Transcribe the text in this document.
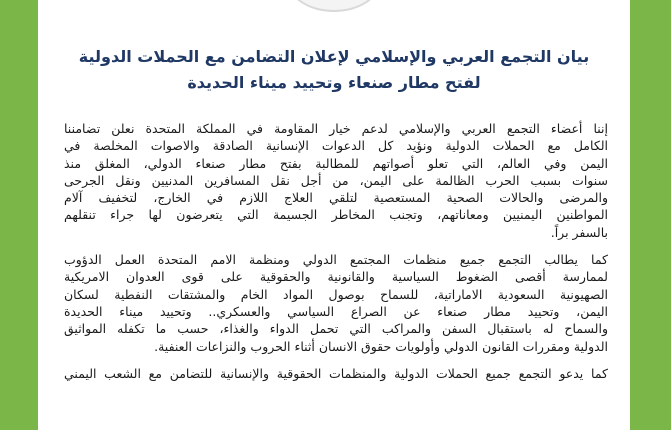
بيان التجمع العربي والإسلامي لإعلان التضامن مع الحملات الدولية
لفتح مطار صنعاء وتحييد ميناء الحديدة
إننا أعضاء التجمع العربي والإسلامي لدعم خيار المقاومة في المملكة المتحدة نعلن تضامننا
الكامل مع الحملات الدولية ونؤيد كل الدعوات الإنسانية الصادقة والاصوات المخلصة في
اليمن وفي العالم، التي تعلو أصواتهم للمطالبة بفتح مطار صنعاء الدولي، المغلق منذ
سنوات بسبب الحرب الظالمة على اليمن، من أجل نقل المسافرين المدنيين ونقل الجرحى
والمرضى والحالات الصحية المستعصية لتلقي العلاج اللازم في الخارج، لتخفيف آلام
المواطنين اليمنيين ومعاناتهم، وتجنب المخاطر الجسيمة التي يتعرضون لها جراء تنقلهم
بالسفر براً.
كما يطالب التجمع جميع منظمات المجتمع الدولي ومنظمة الامم المتحدة العمل الدؤوب
لممارسة أقصى الضغوط السياسية والقانونية والحقوقية على قوى العدوان الامريكية
الصهيونية السعودية الاماراتية، للسماح بوصول المواد الخام والمشتقات النفطية لسكان
اليمن، وتحييد مطار صنعاء عن الصراع السياسي والعسكري.. وتحييد ميناء الحديدة
والسماح له باستقبال السفن والمراكب التي تحمل الدواء والغذاء، حسب ما تكفله المواثيق
الدولية ومقررات القانون الدولي وأولويات حقوق الانسان أثناء الحروب والنزاعات العنفية.
كما يدعو التجمع جميع الحملات الدولية والمنظمات الحقوقية والإنسانية للتضامن مع الشعب اليمني
